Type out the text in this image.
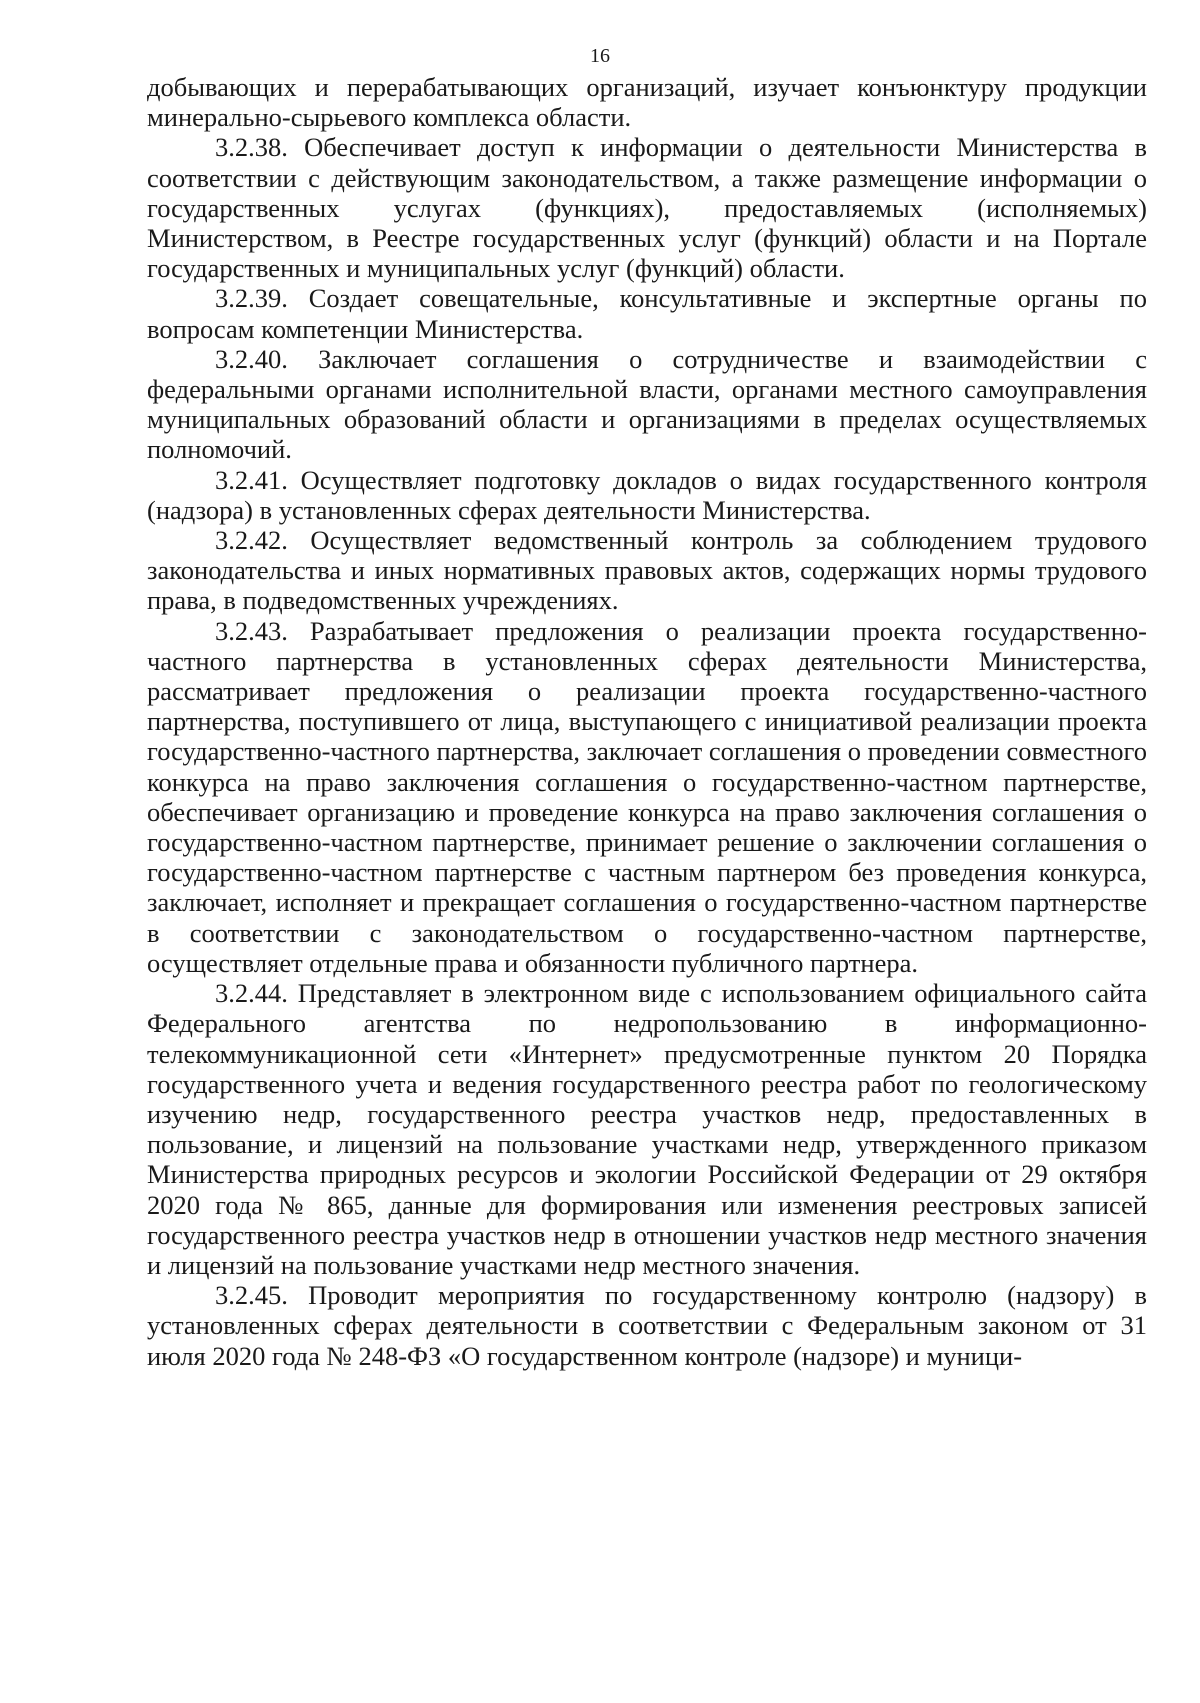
16

добывающих и перерабатывающих организаций, изучает конъюнктуру продукции минерально-сырьевого комплекса области.

3.2.38. Обеспечивает доступ к информации о деятельности Министерства в соответствии с действующим законодательством, а также размещение информации о государственных услугах (функциях), предоставляемых (исполняемых) Министерством, в Реестре государственных услуг (функций) области и на Портале государственных и муниципальных услуг (функций) области.

3.2.39. Создает совещательные, консультативные и экспертные органы по вопросам компетенции Министерства.

3.2.40. Заключает соглашения о сотрудничестве и взаимодействии с федеральными органами исполнительной власти, органами местного самоуправления муниципальных образований области и организациями в пределах осуществляемых полномочий.

3.2.41. Осуществляет подготовку докладов о видах государственного контроля (надзора) в установленных сферах деятельности Министерства.

3.2.42. Осуществляет ведомственный контроль за соблюдением трудового законодательства и иных нормативных правовых актов, содержащих нормы трудового права, в подведомственных учреждениях.

3.2.43. Разрабатывает предложения о реализации проекта государственно-частного партнерства в установленных сферах деятельности Министерства, рассматривает предложения о реализации проекта государственно-частного партнерства, поступившего от лица, выступающего с инициативой реализации проекта государственно-частного партнерства, заключает соглашения о проведении совместного конкурса на право заключения соглашения о государственно-частном партнерстве, обеспечивает организацию и проведение конкурса на право заключения соглашения о государственно-частном партнерстве, принимает решение о заключении соглашения о государственно-частном партнерстве с частным партнером без проведения конкурса, заключает, исполняет и прекращает соглашения о государственно-частном партнерстве в соответствии с законодательством о государственно-частном партнерстве, осуществляет отдельные права и обязанности публичного партнера.

3.2.44. Представляет в электронном виде с использованием официального сайта Федерального агентства по недропользованию в информационно-телекоммуникационной сети «Интернет» предусмотренные пунктом 20 Порядка государственного учета и ведения государственного реестра работ по геологическому изучению недр, государственного реестра участков недр, предоставленных в пользование, и лицензий на пользование участками недр, утвержденного приказом Министерства природных ресурсов и экологии Российской Федерации от 29 октября 2020 года № 865, данные для формирования или изменения реестровых записей государственного реестра участков недр в отношении участков недр местного значения и лицензий на пользование участками недр местного значения.

3.2.45. Проводит мероприятия по государственному контролю (надзору) в установленных сферах деятельности в соответствии с Федеральным законом от 31 июля 2020 года № 248-ФЗ «О государственном контроле (надзоре) и муници-
